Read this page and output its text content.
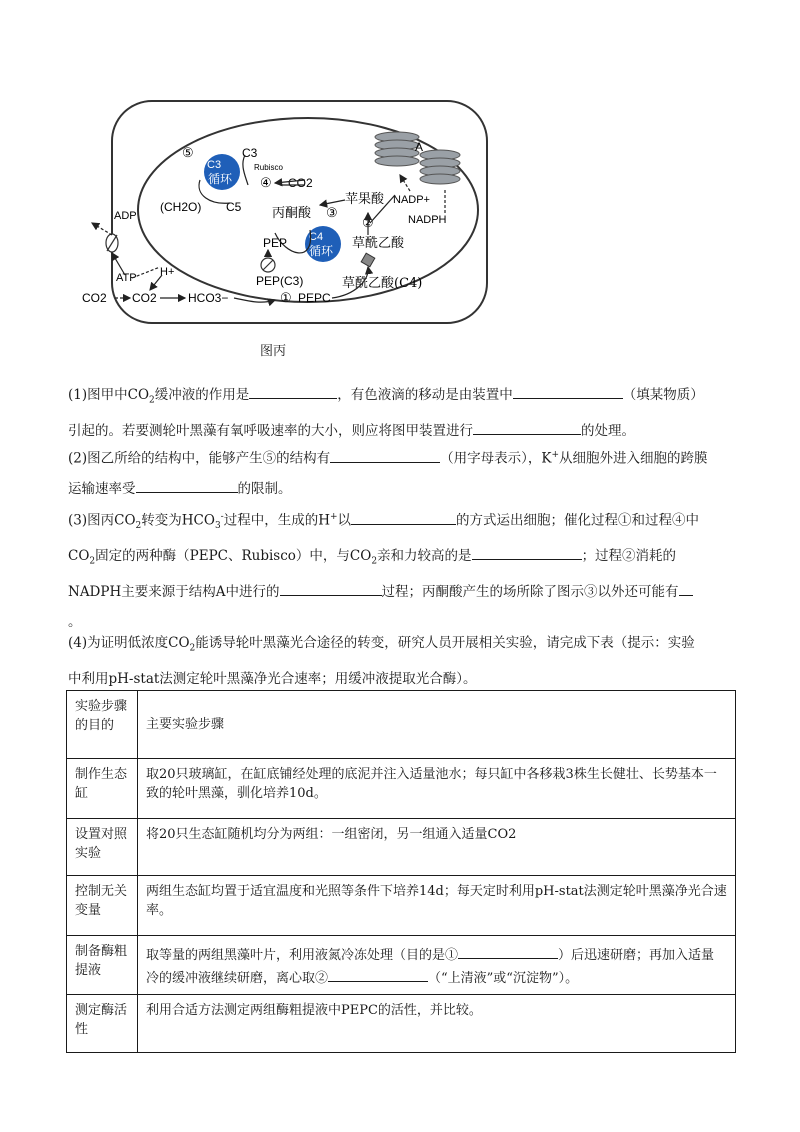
C3
循环
C4
循环
A
⑤	C3
Rubisco
④ CO2
(CH2O) C5	苹果酸
丙酮酸 ③
②
NADP+
NADPH
草酰乙酸
PEP
PEP(C3)	草酰乙酸(C4)
① PEPC
ADP
ATP H+
CO2 CO2	HCO3−
图丙
(1)图甲中$CO_2$缓冲液的作用是	，有色液滴的移动是由装置中	（填某物质）
引起的。若要测轮叶黑藻有氧呼吸速率的大小，则应将图甲装置进行	的处理。
(2)图乙所给的结构中，能够产生⑤的结构有	（用字母表示），K+从细胞外进入细胞的跨膜
运输速率受	的限制。
(3)图丙$CO_2$转变为$HCO_3^-$过程中，生成的H+以	的方式运出细胞；催化过程①和过程④中
$CO_2$固定的两种酶（PEPC、Rubisco）中，与$CO_2$亲和力较高的是	；过程②消耗的
NADPH主要来源于结构A中进行的	过程；丙酮酸产生的场所除了图示③以外还可能有
。
(4)为证明低浓度$CO_2$能诱导轮叶黑藻光合途径的转变，研究人员开展相关实验，请完成下表（提示：实验
中利用pH-stat法测定轮叶黑藻净光合速率；用缓冲液提取光合酶）。
实验步骤的目的	主要实验步骤
制作生态缸	取20只玻璃缸，在缸底铺经处理的底泥并注入适量池水；每只缸中各移栽3株生长健壮、长势基本一致的轮叶黑藻，驯化培养10d。
设置对照实验	将20只生态缸随机均分为两组：一组密闭，另一组通入适量CO2
控制无关变量	两组生态缸均置于适宜温度和光照等条件下培养14d；每天定时利用pH-stat法测定轮叶黑藻净光合速率。
制备酶粗提液	取等量的两组黑藻叶片，利用液氮冷冻处理（目的是① ）后迅速研磨；再加入适量冷的缓冲液继续研磨，离心取② （“上清液”或“沉淀物”）。
测定酶活性	利用合适方法测定两组酶粗提液中PEPC的活性，并比较。
